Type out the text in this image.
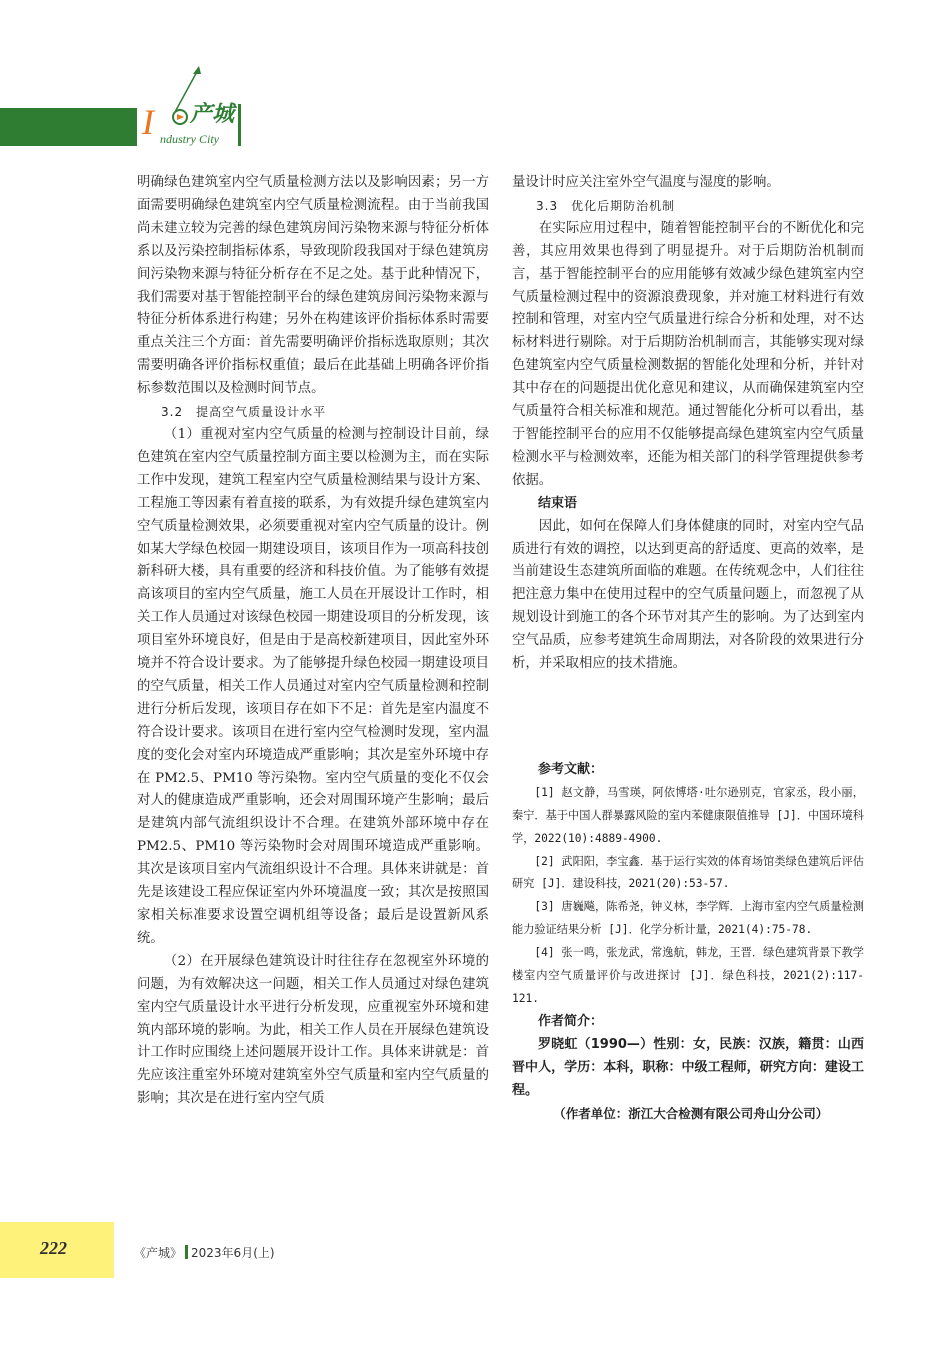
I 产城
ndustry City

明确绿色建筑室内空气质量检测方法以及影响因素；另一方面需要明确绿色建筑室内空气质量检测流程。由于当前我国尚未建立较为完善的绿色建筑房间污染物来源与特征分析体系以及污染控制指标体系，导致现阶段我国对于绿色建筑房间污染物来源与特征分析存在不足之处。基于此种情况下，我们需要对基于智能控制平台的绿色建筑房间污染物来源与特征分析体系进行构建；另外在构建该评价指标体系时需要重点关注三个方面：首先需要明确评价指标选取原则；其次需要明确各评价指标权重值；最后在此基础上明确各评价指标参数范围以及检测时间节点。

3.2　提高空气质量设计水平

（1）重视对室内空气质量的检测与控制设计目前，绿色建筑在室内空气质量控制方面主要以检测为主，而在实际工作中发现，建筑工程室内空气质量检测结果与设计方案、工程施工等因素有着直接的联系，为有效提升绿色建筑室内空气质量检测效果，必须要重视对室内空气质量的设计。例如某大学绿色校园一期建设项目，该项目作为一项高科技创新科研大楼，具有重要的经济和科技价值。为了能够有效提高该项目的室内空气质量，施工人员在开展设计工作时，相关工作人员通过对该绿色校园一期建设项目的分析发现，该项目室外环境良好，但是由于是高校新建项目，因此室外环境并不符合设计要求。为了能够提升绿色校园一期建设项目的空气质量，相关工作人员通过对室内空气质量检测和控制进行分析后发现，该项目存在如下不足：首先是室内温度不符合设计要求。该项目在进行室内空气检测时发现，室内温度的变化会对室内环境造成严重影响；其次是室外环境中存在 PM2.5、PM10 等污染物。室内空气质量的变化不仅会对人的健康造成严重影响，还会对周围环境产生影响；最后是建筑内部气流组织设计不合理。在建筑外部环境中存在 PM2.5、PM10 等污染物时会对周围环境造成严重影响。其次是该项目室内气流组织设计不合理。具体来讲就是：首先是该建设工程应保证室内外环境温度一致；其次是按照国家相关标准要求设置空调机组等设备；最后是设置新风系统。

（2）在开展绿色建筑设计时往往存在忽视室外环境的问题，为有效解决这一问题，相关工作人员通过对绿色建筑室内空气质量设计水平进行分析发现，应重视室外环境和建筑内部环境的影响。为此，相关工作人员在开展绿色建筑设计工作时应围绕上述问题展开设计工作。具体来讲就是：首先应该注重室外环境对建筑室外空气质量和室内空气质量的影响；其次是在进行室内空气质

量设计时应关注室外空气温度与湿度的影响。

3.3　优化后期防治机制

在实际应用过程中，随着智能控制平台的不断优化和完善，其应用效果也得到了明显提升。对于后期防治机制而言，基于智能控制平台的应用能够有效减少绿色建筑室内空气质量检测过程中的资源浪费现象，并对施工材料进行有效控制和管理，对室内空气质量进行综合分析和处理，对不达标材料进行剔除。对于后期防治机制而言，其能够实现对绿色建筑室内空气质量检测数据的智能化处理和分析，并针对其中存在的问题提出优化意见和建议，从而确保建筑室内空气质量符合相关标准和规范。通过智能化分析可以看出，基于智能控制平台的应用不仅能够提高绿色建筑室内空气质量检测水平与检测效率，还能为相关部门的科学管理提供参考依据。

结束语

因此，如何在保障人们身体健康的同时，对室内空气品质进行有效的调控，以达到更高的舒适度、更高的效率，是当前建设生态建筑所面临的难题。在传统观念中，人们往往把注意力集中在使用过程中的空气质量问题上，而忽视了从规划设计到施工的各个环节对其产生的影响。为了达到室内空气品质，应参考建筑生命周期法，对各阶段的效果进行分析，并采取相应的技术措施。

参考文献：

[1] 赵文静，马雪瑛，阿依博塔·吐尔逊别克，官家丞，段小丽，秦宁．基于中国人群暴露风险的室内苯健康限值推导 [J]．中国环境科学，2022(10):4889-4900.

[2] 武阳阳，李宝鑫．基于运行实效的体育场馆类绿色建筑后评估研究 [J]．建设科技，2021(20):53-57.

[3] 唐巍飚，陈希尧，钟义林，李学辉．上海市室内空气质量检测能力验证结果分析 [J]．化学分析计量，2021(4):75-78.

[4] 张一鸣，张龙武，常逸航，韩龙，王晋．绿色建筑背景下教学楼室内空气质量评价与改进探讨 [J]．绿色科技，2021(2):117-121.

作者简介：

罗晓虹（1990—）性别：女，民族：汉族，籍贯：山西晋中人，学历：本科，职称：中级工程师，研究方向：建设工程。

（作者单位：浙江大合检测有限公司舟山分公司）

222	《产城》 2023年6月(上)
